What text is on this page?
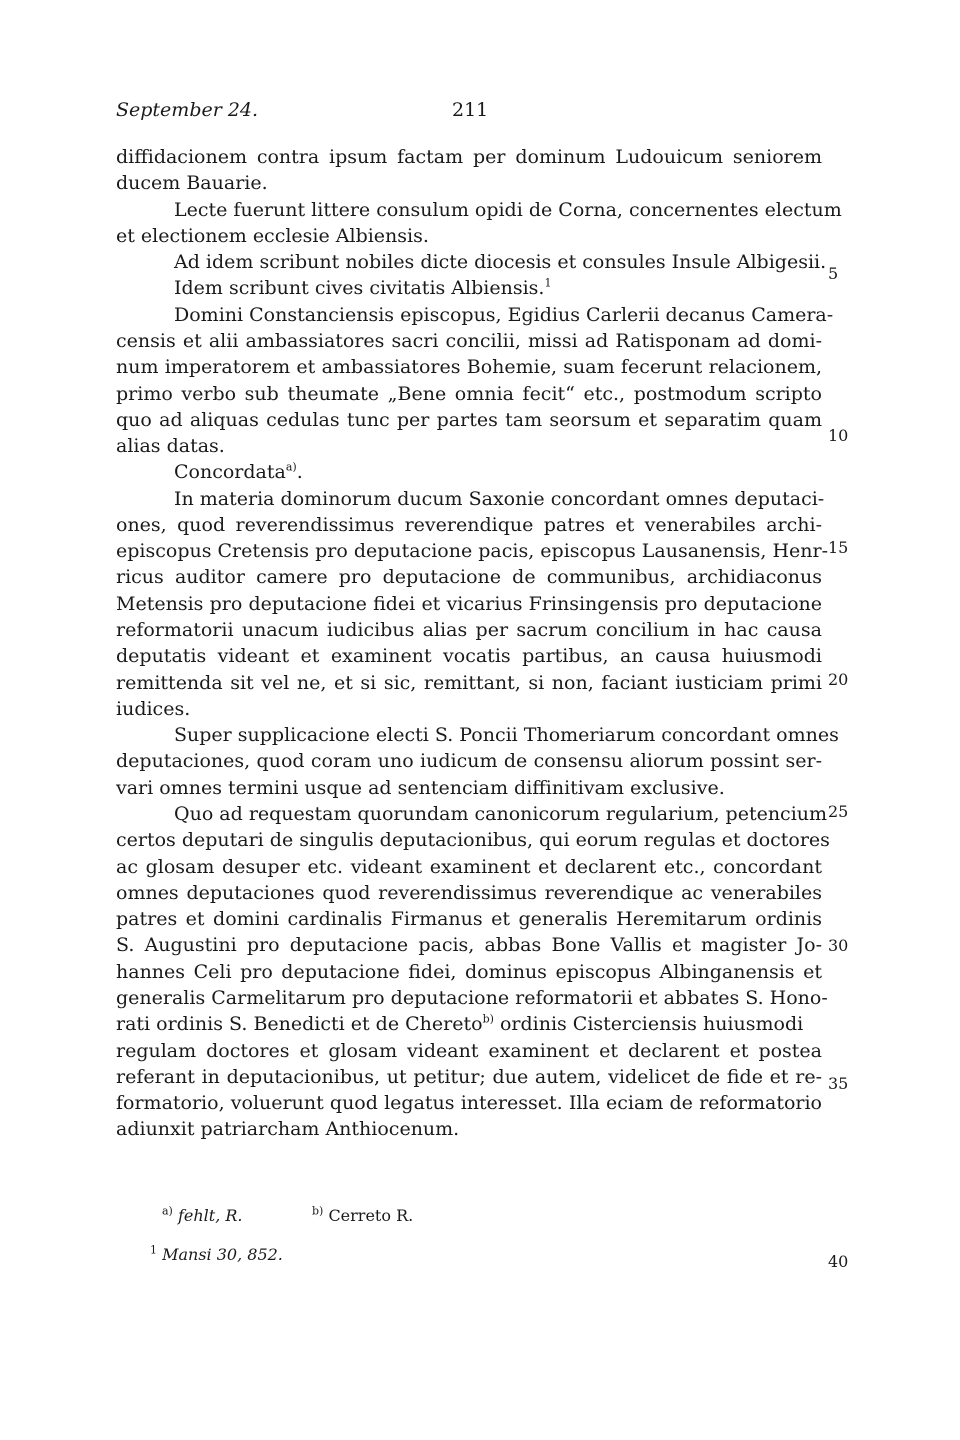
September 24.	211
diffidacionem contra ipsum factam per dominum Ludouicum seniorem
ducem Bauarie.
Lecte fuerunt littere consulum opidi de Corna, concernentes electum
et electionem ecclesie Albiensis.
Ad idem scribunt nobiles dicte diocesis et consules Insule Albigesii.
Idem scribunt cives civitatis Albiensis.$^1$
Domini Constanciensis episcopus, Egidius Carlerii decanus Camera-
censis et alii ambassiatores sacri concilii, missi ad Ratisponam ad domi-
num imperatorem et ambassiatores Bohemie, suam fecerunt relacionem,
primo verbo sub theumate „Bene omnia fecit“ etc., postmodum scripto
quo ad aliquas cedulas tunc per partes tam seorsum et separatim quam
alias datas.
Concordata$^{a)}$.
In materia dominorum ducum Saxonie concordant omnes deputaci-
ones, quod reverendissimus reverendique patres et venerabiles archi-
episcopus Cretensis pro deputacione pacis, episcopus Lausanensis, Henr-
ricus auditor camere pro deputacione de communibus, archidiaconus
Metensis pro deputacione fidei et vicarius Frinsingensis pro deputacione
reformatorii unacum iudicibus alias per sacrum concilium in hac causa
deputatis videant et examinent vocatis partibus, an causa huiusmodi
remittenda sit vel ne, et si sic, remittant, si non, faciant iusticiam primi
iudices.
Super supplicacione electi S. Poncii Thomeriarum concordant omnes
deputaciones, quod coram uno iudicum de consensu aliorum possint ser-
vari omnes termini usque ad sentenciam diffinitivam exclusive.
Quo ad requestam quorundam canonicorum regularium, petencium
certos deputari de singulis deputacionibus, qui eorum regulas et doctores
ac glosam desuper etc. videant examinent et declarent etc., concordant
omnes deputaciones quod reverendissimus reverendique ac venerabiles
patres et domini cardinalis Firmanus et generalis Heremitarum ordinis
S. Augustini pro deputacione pacis, abbas Bone Vallis et magister Jo-
hannes Celi pro deputacione fidei, dominus episcopus Albinganensis et
generalis Carmelitarum pro deputacione reformatorii et abbates S. Hono-
rati ordinis S. Benedicti et de Chereto$^{b)}$ ordinis Cisterciensis huiusmodi
regulam doctores et glosam videant examinent et declarent et postea
referant in deputacionibus, ut petitur; due autem, videlicet de fide et re-
formatorio, voluerunt quod legatus interesset. Illa eciam de reformatorio
adiunxit patriarcham Anthiocenum.
5
10
15
20
25
30
35
40
$^{a)}$ fehlt, R.	$^{b)}$ Cerreto R.
$^1$ Mansi 30, 852.
